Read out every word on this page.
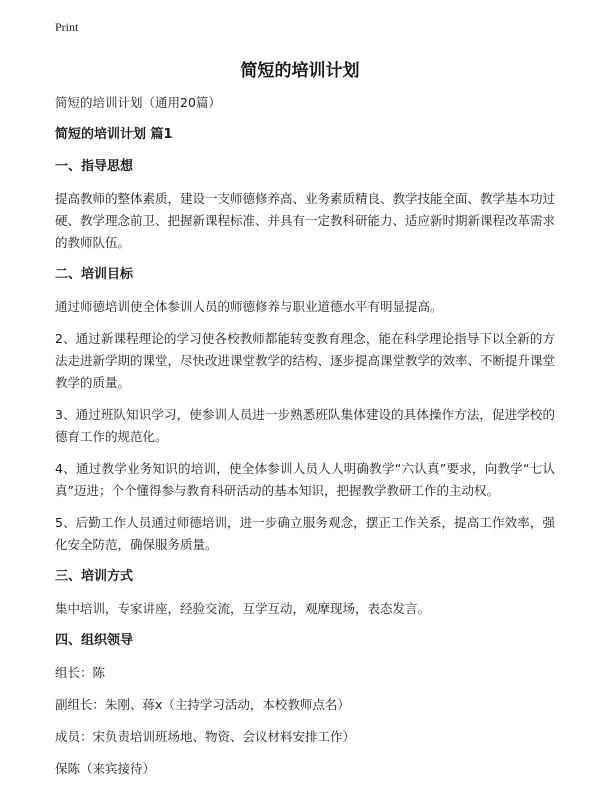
Print
简短的培训计划
简短的培训计划（通用20篇）
简短的培训计划 篇1
一、指导思想
提高教师的整体素质，建设一支师德修养高、业务素质精良、教学技能全面、教学基本功过硬、教学理念前卫、把握新课程标准、并具有一定教科研能力、适应新时期新课程改革需求的教师队伍。
二、培训目标
通过师德培训使全体参训人员的师德修养与职业道德水平有明显提高。
2、通过新课程理论的学习使各校教师都能转变教育理念，能在科学理论指导下以全新的方法走进新学期的课堂，尽快改进课堂教学的结构、逐步提高课堂教学的效率、不断提升课堂教学的质量。
3、通过班队知识学习，使参训人员进一步熟悉班队集体建设的具体操作方法，促进学校的德育工作的规范化。
4、通过教学业务知识的培训，使全体参训人员人人明确教学“六认真”要求，向教学“七认真”迈进；个个懂得参与教育科研活动的基本知识，把握教学教研工作的主动权。
5、后勤工作人员通过师德培训，进一步确立服务观念，摆正工作关系，提高工作效率，强化安全防范，确保服务质量。
三、培训方式
集中培训，专家讲座，经验交流，互学互动，观摩现场，表态发言。
四、组织领导
组长：陈
副组长：朱刚、蒋x（主持学习活动，本校教师点名）
成员：宋负责培训班场地、物资、会议材料安排工作）
保陈（来宾接待）
